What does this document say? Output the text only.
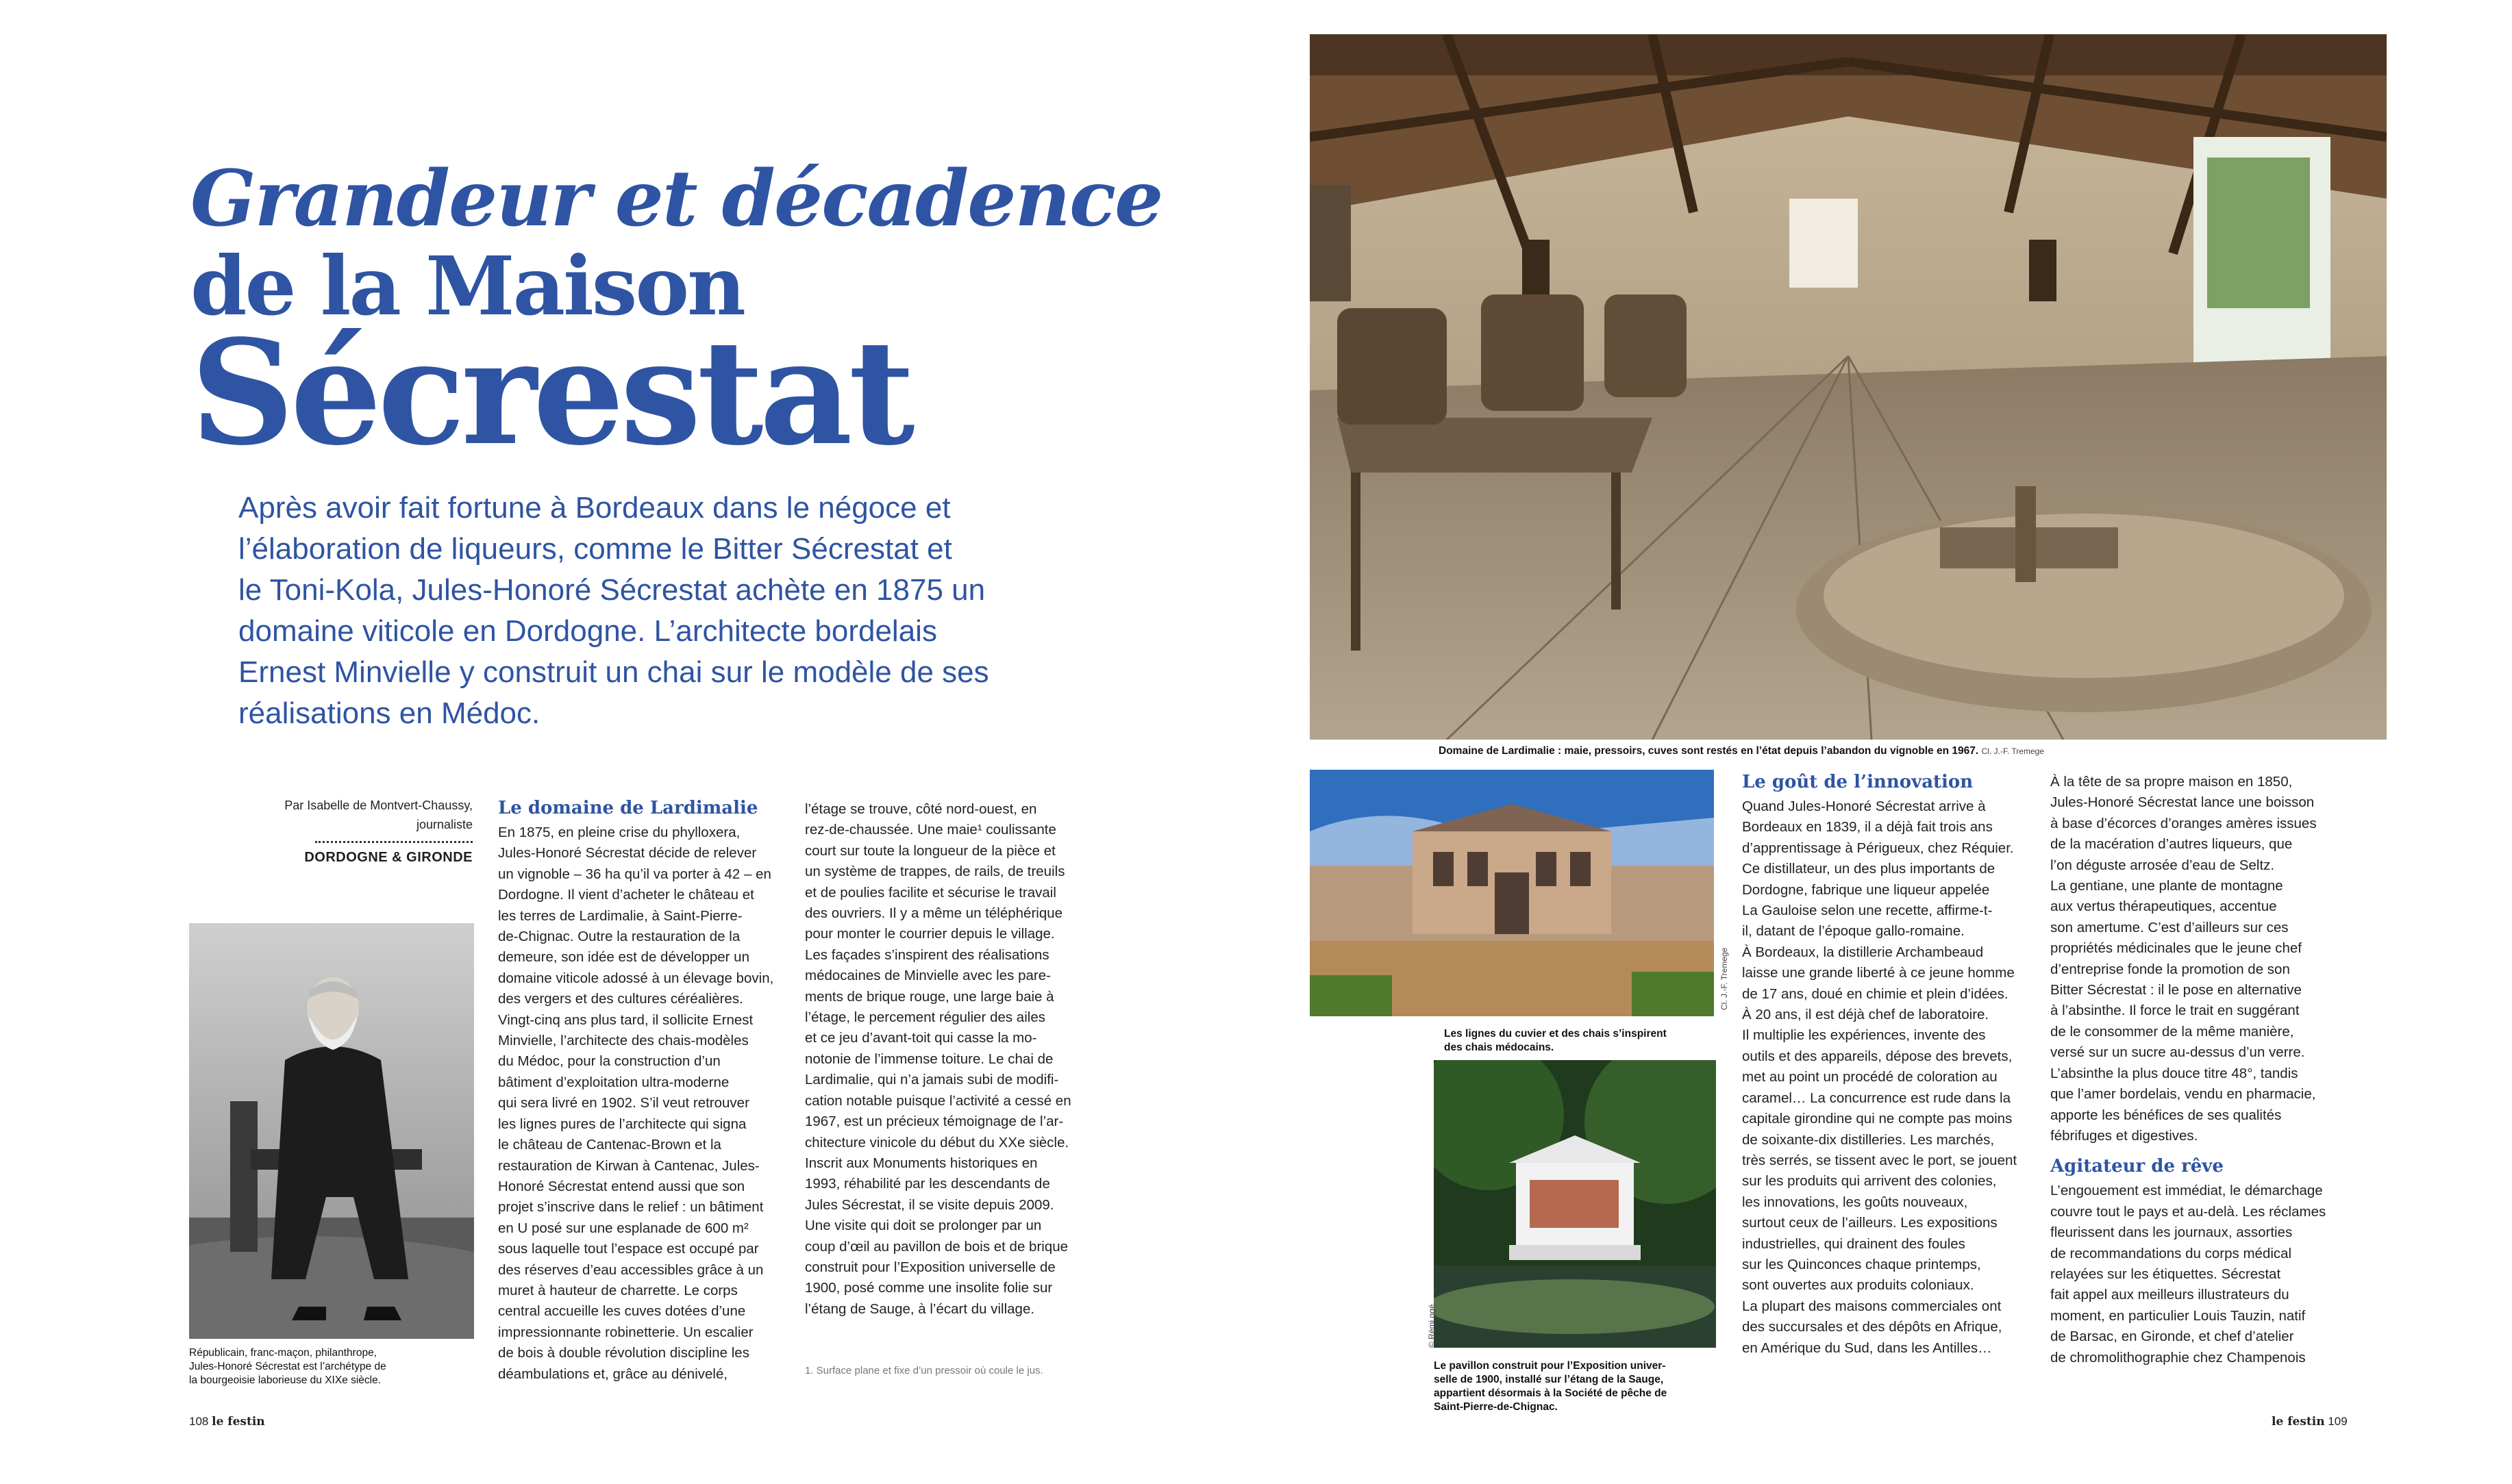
Grandeur et décadence
de la Maison
Sécrestat

Après avoir fait fortune à Bordeaux dans le négoce et

l’élaboration de liqueurs, comme le Bitter Sécrestat et

le Toni-Kola, Jules-Honoré Sécrestat achète en 1875 un

domaine viticole en Dordogne. L’architecte bordelais

Ernest Minvielle y construit un chai sur le modèle de ses

réalisations en Médoc.

Par Isabelle de Montvert-Chaussy,
journaliste
DORDOGNE & GIRONDE

Républicain, franc-maçon, philanthrope,

Jules-Honoré Sécrestat est l’archétype de

la bourgeoisie laborieuse du XIXe siècle.

Le domaine de Lardimalie

En 1875, en pleine crise du phylloxera,

Jules-Honoré Sécrestat décide de relever

un vignoble – 36 ha qu’il va porter à 42 – en

Dordogne. Il vient d’acheter le château et

les terres de Lardimalie, à Saint-Pierre-

de-Chignac. Outre la restauration de la

demeure, son idée est de développer un

domaine viticole adossé à un élevage bovin,

des vergers et des cultures céréalières.

Vingt-cinq ans plus tard, il sollicite Ernest

Minvielle, l’architecte des chais-modèles

du Médoc, pour la construction d’un

bâtiment d’exploitation ultra-moderne

qui sera livré en 1902. S’il veut retrouver

les lignes pures de l’architecte qui signa

le château de Cantenac-Brown et la

restauration de Kirwan à Cantenac, Jules-

Honoré Sécrestat entend aussi que son

projet s’inscrive dans le relief : un bâtiment

en U posé sur une esplanade de 600 m²

sous laquelle tout l’espace est occupé par

des réserves d’eau accessibles grâce à un

muret à hauteur de charrette. Le corps

central accueille les cuves dotées d’une

impressionnante robinetterie. Un escalier

de bois à double révolution discipline les

déambulations et, grâce au dénivelé,

l’étage se trouve, côté nord-ouest, en

rez-de-chaussée. Une maie¹ coulissante

court sur toute la longueur de la pièce et

un système de trappes, de rails, de treuils

et de poulies facilite et sécurise le travail

des ouvriers. Il y a même un téléphérique

pour monter le courrier depuis le village.

Les façades s’inspirent des réalisations

médocaines de Minvielle avec les pare-

ments de brique rouge, une large baie à

l’étage, le percement régulier des ailes

et ce jeu d’avant-toit qui casse la mo-

notonie de l’immense toiture. Le chai de

Lardimalie, qui n’a jamais subi de modifi-

cation notable puisque l’activité a cessé en

1967, est un précieux témoignage de l’ar-

chitecture vinicole du début du XXe siècle.

Inscrit aux Monuments historiques en

1993, réhabilité par les descendants de

Jules Sécrestat, il se visite depuis 2009.

Une visite qui doit se prolonger par un

coup d’œil au pavillon de bois et de brique

construit pour l’Exposition universelle de

1900, posé comme une insolite folie sur

l’étang de Sauge, à l’écart du village.

1. Surface plane et fixe d’un pressoir où coule le jus.
108 le festin
Domaine de Lardimalie : maie, pressoirs, cuves sont restés en l’état depuis l’abandon du vignoble en 1967. Cl. J.-F. Tremege
Cl. J.-F. Tremege

Les lignes du cuvier et des chais s’inspirent

des chais médocains.

© Rémi ggé

Le pavillon construit pour l’Exposition univer-

selle de 1900, installé sur l’étang de la Sauge,

appartient désormais à la Société de pêche de

Saint-Pierre-de-Chignac.

Le goût de l’innovation

Quand Jules-Honoré Sécrestat arrive à

Bordeaux en 1839, il a déjà fait trois ans

d’apprentissage à Périgueux, chez Réquier.

Ce distillateur, un des plus importants de

Dordogne, fabrique une liqueur appelée

La Gauloise selon une recette, affirme-t-

il, datant de l’époque gallo-romaine.

À Bordeaux, la distillerie Archambeaud

laisse une grande liberté à ce jeune homme

de 17 ans, doué en chimie et plein d’idées.

À 20 ans, il est déjà chef de laboratoire.

Il multiplie les expériences, invente des

outils et des appareils, dépose des brevets,

met au point un procédé de coloration au

caramel… La concurrence est rude dans la

capitale girondine qui ne compte pas moins

de soixante-dix distilleries. Les marchés,

très serrés, se tissent avec le port, se jouent

sur les produits qui arrivent des colonies,

les innovations, les goûts nouveaux,

surtout ceux de l’ailleurs. Les expositions

industrielles, qui drainent des foules

sur les Quinconces chaque printemps,

sont ouvertes aux produits coloniaux.

La plupart des maisons commerciales ont

des succursales et des dépôts en Afrique,

en Amérique du Sud, dans les Antilles…

À la tête de sa propre maison en 1850,

Jules-Honoré Sécrestat lance une boisson

à base d’écorces d’oranges amères issues

de la macération d’autres liqueurs, que

l’on déguste arrosée d’eau de Seltz.

La gentiane, une plante de montagne

aux vertus thérapeutiques, accentue

son amertume. C’est d’ailleurs sur ces

propriétés médicinales que le jeune chef

d’entreprise fonde la promotion de son

Bitter Sécrestat : il le pose en alternative

à l’absinthe. Il force le trait en suggérant

de le consommer de la même manière,

versé sur un sucre au-dessus d’un verre.

L’absinthe la plus douce titre 48°, tandis

que l’amer bordelais, vendu en pharmacie,

apporte les bénéfices de ses qualités

fébrifuges et digestives.

Agitateur de rêve

L’engouement est immédiat, le démarchage

couvre tout le pays et au-delà. Les réclames

fleurissent dans les journaux, assorties

de recommandations du corps médical

relayées sur les étiquettes. Sécrestat

fait appel aux meilleurs illustrateurs du

moment, en particulier Louis Tauzin, natif

de Barsac, en Gironde, et chef d’atelier

de chromolithographie chez Champenois

le festin 109
